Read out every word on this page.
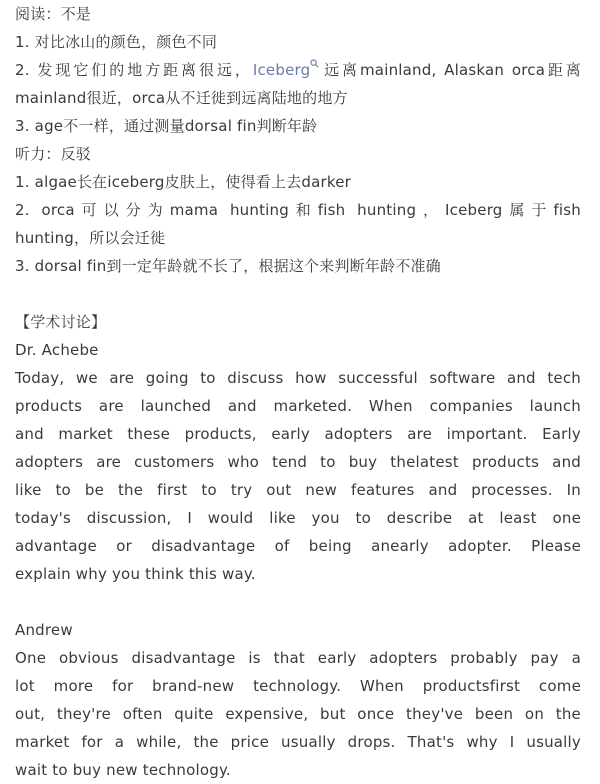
阅读：不是
1. 对比冰山的颜色，颜色不同
2. 发现它们的地方距离很远，Iceberg 远离mainland, Alaskan orca距离
mainland很近，orca从不迁徙到远离陆地的地方
3. age不一样，通过测量dorsal fin判断年龄
听力：反驳
1. algae长在iceberg皮肤上，使得看上去darker
2. orca可以分为mama hunting和fish hunting，Iceberg属于fish
hunting，所以会迁徙
3. dorsal fin到一定年龄就不长了，根据这个来判断年龄不准确
【学术讨论】
Dr. Achebe
Today, we are going to discuss how successful software and tech
products are launched and marketed. When companies launch
and market these products, early adopters are important. Early
adopters are customers who tend to buy thelatest products and
like to be the first to try out new features and processes. In
today's discussion, I would like you to describe at least one
advantage or disadvantage of being anearly adopter. Please
explain why you think this way.
Andrew
One obvious disadvantage is that early adopters probably pay a
lot more for brand-new technology. When productsfirst come
out, they're often quite expensive, but once they've been on the
market for a while, the price usually drops. That's why I usually
wait to buy new technology.
